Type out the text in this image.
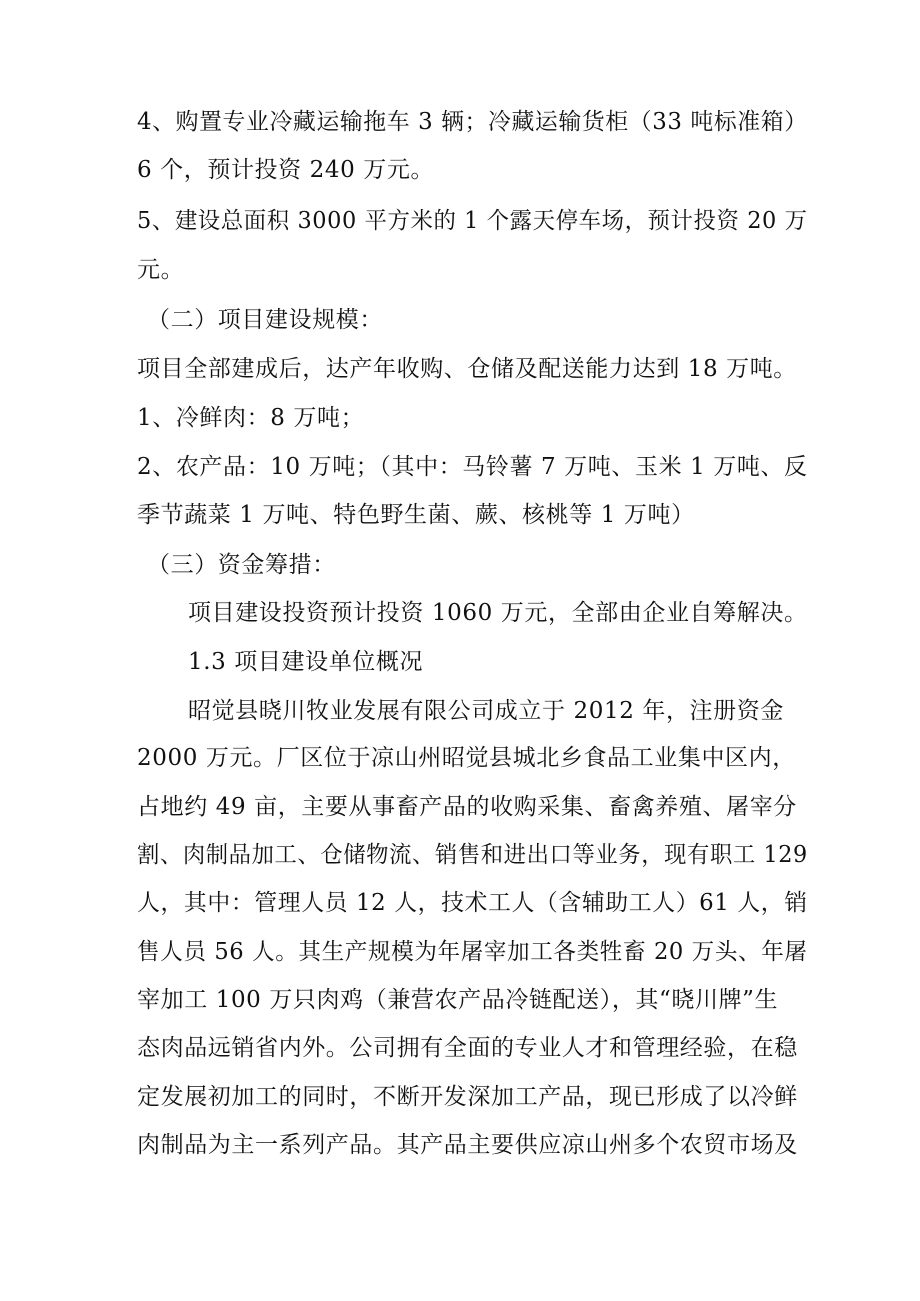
4、购置专业冷藏运输拖车 3 辆；冷藏运输货柜（33 吨标准箱）
6 个，预计投资 240 万元。
5、建设总面积 3000 平方米的 1 个露天停车场，预计投资 20 万
元。
（二）项目建设规模：
项目全部建成后，达产年收购、仓储及配送能力达到 18 万吨。
1、冷鲜肉：8 万吨；
2、农产品：10 万吨；（其中：马铃薯 7 万吨、玉米 1 万吨、反
季节蔬菜 1 万吨、特色野生菌、蕨、核桃等 1 万吨）
（三）资金筹措：
项目建设投资预计投资 1060 万元，全部由企业自筹解决。
1.3 项目建设单位概况
昭觉县晓川牧业发展有限公司成立于 2012 年，注册资金
2000 万元。厂区位于凉山州昭觉县城北乡食品工业集中区内，
占地约 49 亩，主要从事畜产品的收购采集、畜禽养殖、屠宰分
割、肉制品加工、仓储物流、销售和进出口等业务，现有职工 129
人，其中：管理人员 12 人，技术工人（含辅助工人）61 人，销
售人员 56 人。其生产规模为年屠宰加工各类牲畜 20 万头、年屠
宰加工 100 万只肉鸡（兼营农产品冷链配送），其“晓川牌”生
态肉品远销省内外。公司拥有全面的专业人才和管理经验，在稳
定发展初加工的同时，不断开发深加工产品，现已形成了以冷鲜
肉制品为主一系列产品。其产品主要供应凉山州多个农贸市场及
